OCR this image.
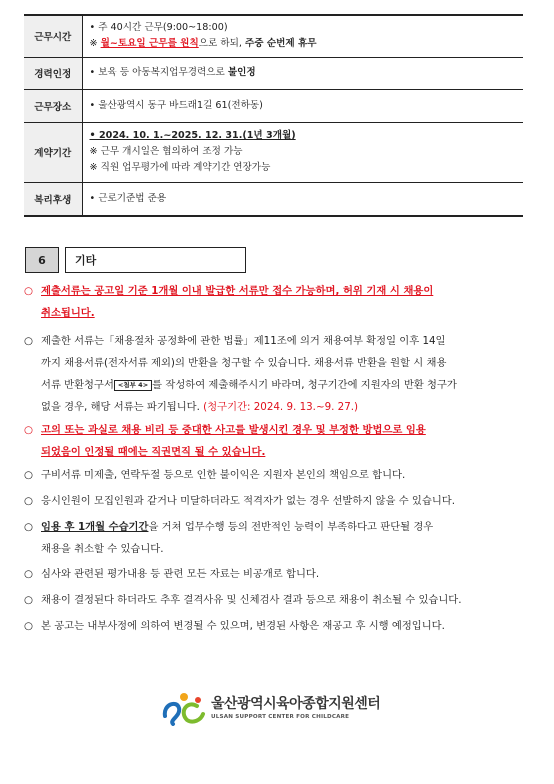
근무시간	• 주 40시간 근무(9:00~18:00)
※ 월~토요일 근무를 원칙으로 하되, 주중 순번제 휴무

경력인정	• 보육 등 아동복지업무경력으로 불인정
근무장소	• 울산광역시 동구 바드래1길 61(전하동)
계약기간	• 2024. 10. 1.~2025. 12. 31.(1년 3개월)
※ 근무 개시일은 협의하여 조정 가능
※ 직원 업무평가에 따라 계약기간 연장가능

복리후생	• 근로기준법 준용
6	기타
○ 제출서류는 공고일 기준 1개월 이내 발급한 서류만 접수 가능하며, 허위 기재 시 채용이
취소됩니다.
○ 제출한 서류는「채용절차 공정화에 관한 법률」제11조에 의거 채용여부 확정일 이후 14일
까지 채용서류(전자서류 제외)의 반환을 청구할 수 있습니다. 채용서류 반환을 원할 시 채용
서류 반환청구서 <첨부 4> 를 작성하여 제출해주시기 바라며, 청구기간에 지원자의 반환 청구가
없을 경우, 해당 서류는 파기됩니다. (청구기간: 2024. 9. 13.~9. 27.)
○ 고의 또는 과실로 채용 비리 등 중대한 사고를 발생시킨 경우 및 부정한 방법으로 임용
되었음이 인정될 때에는 직권면직 될 수 있습니다.
○ 구비서류 미제출, 연락두절 등으로 인한 불이익은 지원자 본인의 책임으로 합니다.
○ 응시인원이 모집인원과 같거나 미달하더라도 적격자가 없는 경우 선발하지 않을 수 있습니다.
○ 임용 후 1개월 수습기간을 거쳐 업무수행 등의 전반적인 능력이 부족하다고 판단될 경우
채용을 취소할 수 있습니다.
○ 심사와 관련된 평가내용 등 관련 모든 자료는 비공개로 합니다.
○ 채용이 결정된다 하더라도 추후 결격사유 및 신체검사 결과 등으로 채용이 취소될 수 있습니다.
○ 본 공고는 내부사정에 의하여 변경될 수 있으며, 변경된 사항은 재공고 후 시행 예정입니다.
울산광역시육아종합지원센터
ULSAN SUPPORT CENTER FOR CHILDCARE
